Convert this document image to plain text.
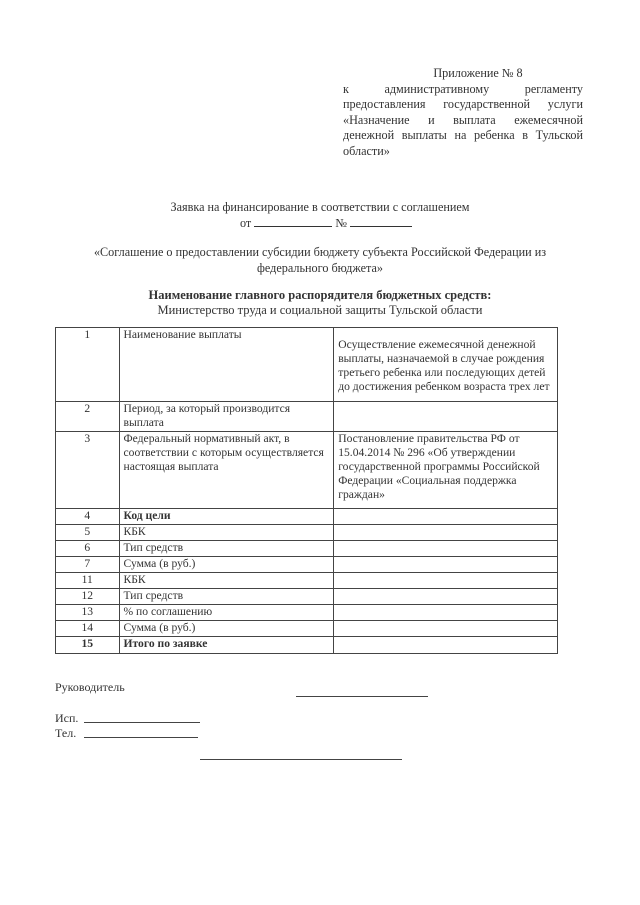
Приложение № 8
к	административному	регламенту
предоставления государственной услуги «Назначение и выплата ежемесячной денежной выплаты на ребенка в Тульской области»
Заявка на финансирование в соответствии с соглашением
от	№
«Соглашение о предоставлении субсидии бюджету субъекта Российской Федерации из федерального бюджета»
Наименование главного распорядителя бюджетных средств:
Министерство труда и социальной защиты Тульской области
1	Наименование выплаты	Осуществление ежемесячной денежной выплаты, назначаемой в случае рождения третьего ребенка или последующих детей до достижения ребенком возраста трех лет

2	Период, за который производится выплата	
3	Федеральный нормативный акт, в соответствии с которым осуществляется настоящая выплата	Постановление правительства РФ от 15.04.2014 № 296 «Об утверждении государственной программы Российской Федерации «Социальная поддержка граждан»

4	Код цели	
5	КБК	
6	Тип средств	
7	Сумма (в руб.)	
11	КБК	
12	Тип средств	
13	% по соглашению	
14	Сумма (в руб.)	
15	Итого по заявке	
Руководитель
Исп.
Тел.
